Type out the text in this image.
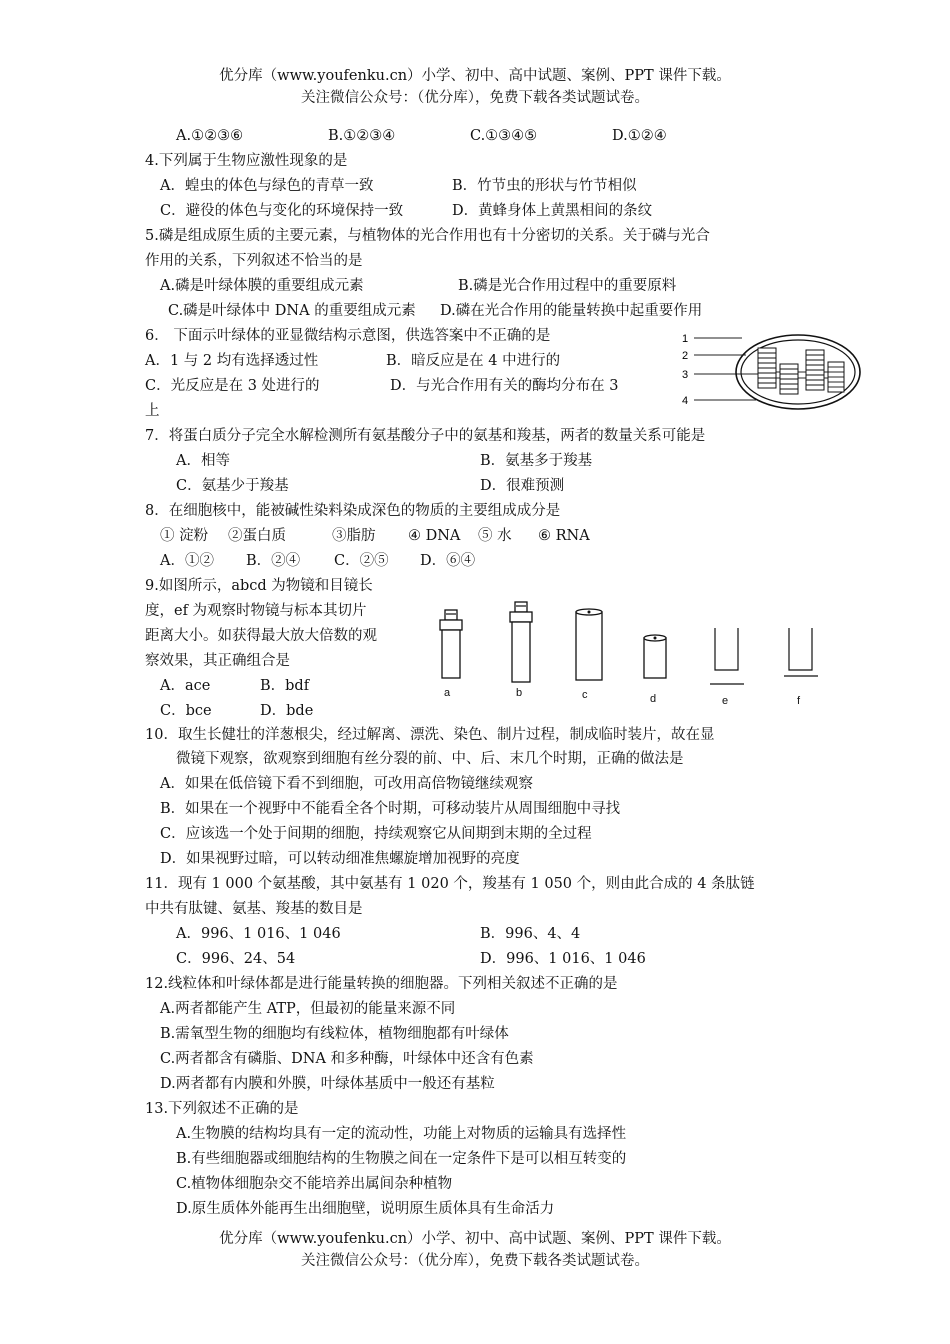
优分库（www.youfenku.cn）小学、初中、高中试题、案例、PPT 课件下载。
关注微信公众号：（优分库），免费下载各类试题试卷。
A.①②③⑥	B.①②③④	C.①③④⑤	D.①②④
4.下列属于生物应激性现象的是
A．蝗虫的体色与绿色的青草一致	B．竹节虫的形状与竹节相似
C．避役的体色与变化的环境保持一致	D．黄蜂身体上黄黑相间的条纹
5.磷是组成原生质的主要元素，与植物体的光合作用也有十分密切的关系。关于磷与光合
作用的关系，下列叙述不恰当的是
A.磷是叶绿体膜的重要组成元素	B.磷是光合作用过程中的重要原料
C.磷是叶绿体中 DNA 的重要组成元素 D.磷在光合作用的能量转换中起重要作用
6． 下面示叶绿体的亚显微结构示意图，供选答案中不正确的是
A．1 与 2 均有选择透过性	B．暗反应是在 4 中进行的
C．光反应是在 3 处进行的	D．与光合作用有关的酶均分布在 3
上
1
2
3
4
7．将蛋白质分子完全水解检测所有氨基酸分子中的氨基和羧基，两者的数量关系可能是
A．相等	B．氨基多于羧基
C．氨基少于羧基	D．很难预测
8．在细胞核中，能被碱性染料染成深色的物质的主要组成成分是
① 淀粉 ②蛋白质	③脂肪 ④ DNA ⑤ 水 ⑥ RNA
A．①② B．②④ C．②⑤ D．⑥④
9.如图所示，abcd 为物镜和目镜长
度，ef 为观察时物镜与标本其切片
距离大小。如获得最大放大倍数的观
察效果，其正确组合是
A．ace	B．bdf
C．bce	D．bde
a	b	c	d	e	f
10．取生长健壮的洋葱根尖，经过解离、漂洗、染色、制片过程，制成临时装片，故在显
微镜下观察，欲观察到细胞有丝分裂的前、中、后、末几个时期，正确的做法是
A．如果在低倍镜下看不到细胞，可改用高倍物镜继续观察
B．如果在一个视野中不能看全各个时期，可移动装片从周围细胞中寻找
C．应该选一个处于间期的细胞，持续观察它从间期到末期的全过程
D．如果视野过暗，可以转动细准焦螺旋增加视野的亮度
11．现有 1 000 个氨基酸，其中氨基有 1 020 个，羧基有 1 050 个，则由此合成的 4 条肽链
中共有肽键、氨基、羧基的数目是
A．996、1 016、1 046	B．996、4、4
C．996、24、54	D．996、1 016、1 046
12.线粒体和叶绿体都是进行能量转换的细胞器。下列相关叙述不正确的是
A.两者都能产生 ATP，但最初的能量来源不同
B.需氧型生物的细胞均有线粒体，植物细胞都有叶绿体
C.两者都含有磷脂、DNA 和多种酶，叶绿体中还含有色素
D.两者都有内膜和外膜，叶绿体基质中一般还有基粒
13.下列叙述不正确的是
A.生物膜的结构均具有一定的流动性，功能上对物质的运输具有选择性
B.有些细胞器或细胞结构的生物膜之间在一定条件下是可以相互转变的
C.植物体细胞杂交不能培养出属间杂种植物
D.原生质体外能再生出细胞壁，说明原生质体具有生命活力
优分库（www.youfenku.cn）小学、初中、高中试题、案例、PPT 课件下载。
关注微信公众号：（优分库），免费下载各类试题试卷。
